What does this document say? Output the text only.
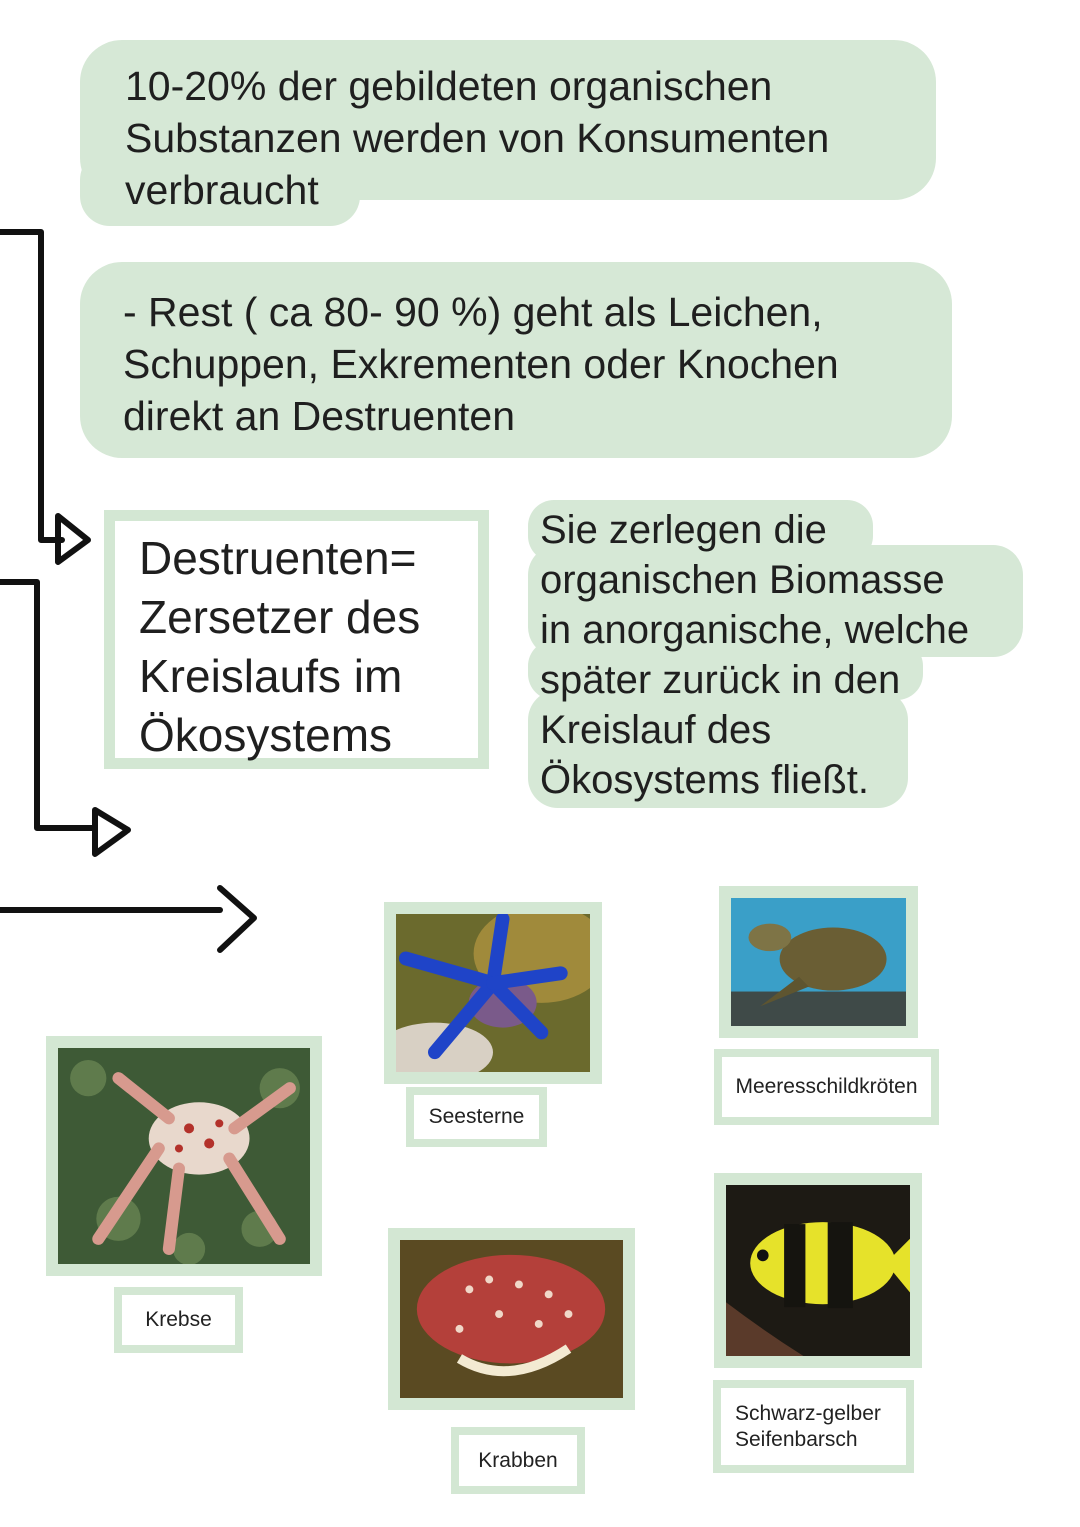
10-20% der gebildeten organischen
Substanzen werden von Konsumenten
verbraucht

- Rest ( ca 80- 90 %) geht als Leichen,
Schuppen, Exkrementen oder Knochen
direkt an Destruenten

Destruenten=
Zersetzer des
Kreislaufs im
Ökosystems

Sie zerlegen die
organischen Biomasse
in anorganische, welche
später zurück in den
Kreislauf des
Ökosystems fließt.

Seesterne
Meeresschildkröten
Krebse
Krabben
Schwarz-gelber
Seifenbarsch
